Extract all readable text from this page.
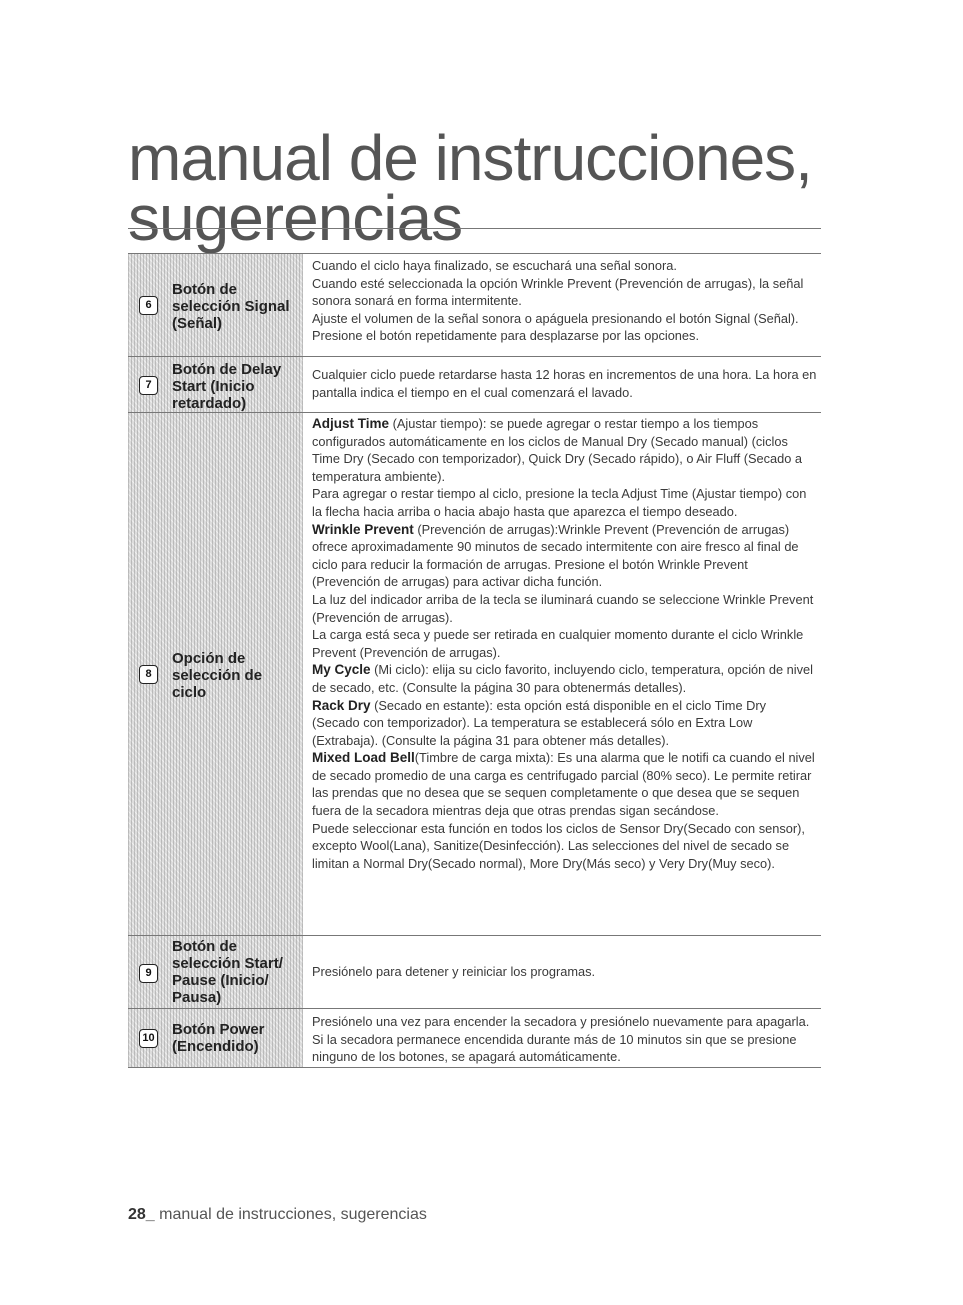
manual de instrucciones,
sugerencias
6
Botón de selección Signal (Señal)

Cuando el ciclo haya finalizado, se escuchará una señal sonora.

Cuando esté seleccionada la opción Wrinkle Prevent (Prevención de arrugas), la señal sonora sonará en forma intermitente.

Ajuste el volumen de la señal sonora o apáguela presionando el botón Signal (Señal).

Presione el botón repetidamente para desplazarse por las opciones.

7
Botón de Delay Start (Inicio retardado)

Cualquier ciclo puede retardarse hasta 12 horas en incrementos de una hora. La hora en pantalla indica el tiempo en el cual comenzará el lavado.

8
Opción de selección de ciclo

Adjust Time (Ajustar tiempo): se puede agregar o restar tiempo a los tiempos configurados automáticamente en los ciclos de Manual Dry (Secado manual) (ciclos Time Dry (Secado con temporizador), Quick Dry (Secado rápido), o Air Fluff (Secado a temperatura ambiente).

Para agregar o restar tiempo al ciclo, presione la tecla Adjust Time (Ajustar tiempo) con la flecha hacia arriba o hacia abajo hasta que aparezca el tiempo deseado.

Wrinkle Prevent (Prevención de arrugas):Wrinkle Prevent (Prevención de arrugas) ofrece aproximadamente 90 minutos de secado intermitente con aire fresco al final de ciclo para reducir la formación de arrugas. Presione el botón Wrinkle Prevent (Prevención de arrugas) para activar dicha función.

La luz del indicador arriba de la tecla se iluminará cuando se seleccione Wrinkle Prevent (Prevención de arrugas).

La carga está seca y puede ser retirada en cualquier momento durante el ciclo Wrinkle Prevent (Prevención de arrugas).

My Cycle (Mi ciclo): elija su ciclo favorito, incluyendo ciclo, temperatura, opción de nivel de secado, etc. (Consulte la página 30 para obtenermás detalles).

Rack Dry (Secado en estante): esta opción está disponible en el ciclo Time Dry (Secado con temporizador). La temperatura se establecerá sólo en Extra Low (Extrabaja). (Consulte la página 31 para obtener más detalles).

Mixed Load Bell(Timbre de carga mixta): Es una alarma que le notifi ca cuando el nivel de secado promedio de una carga es centrifugado parcial (80% seco). Le permite retirar las prendas que no desea que se sequen completamente o que desea que se sequen fuera de la secadora mientras deja que otras prendas sigan secándose.

Puede seleccionar esta función en todos los ciclos de Sensor Dry(Secado con sensor), excepto Wool(Lana), Sanitize(Desinfección). Las selecciones del nivel de secado se limitan a Normal Dry(Secado normal), More Dry(Más seco) y Very Dry(Muy seco).

9
Botón de selección Start/ Pause (Inicio/ Pausa)

Presiónelo para detener y reiniciar los programas.

10 Botón Power (Encendido)

Presiónelo una vez para encender la secadora y presiónelo nuevamente para apagarla. Si la secadora permanece encendida durante más de 10 minutos sin que se presione ninguno de los botones, se apagará automáticamente.

28_ manual de instrucciones, sugerencias
